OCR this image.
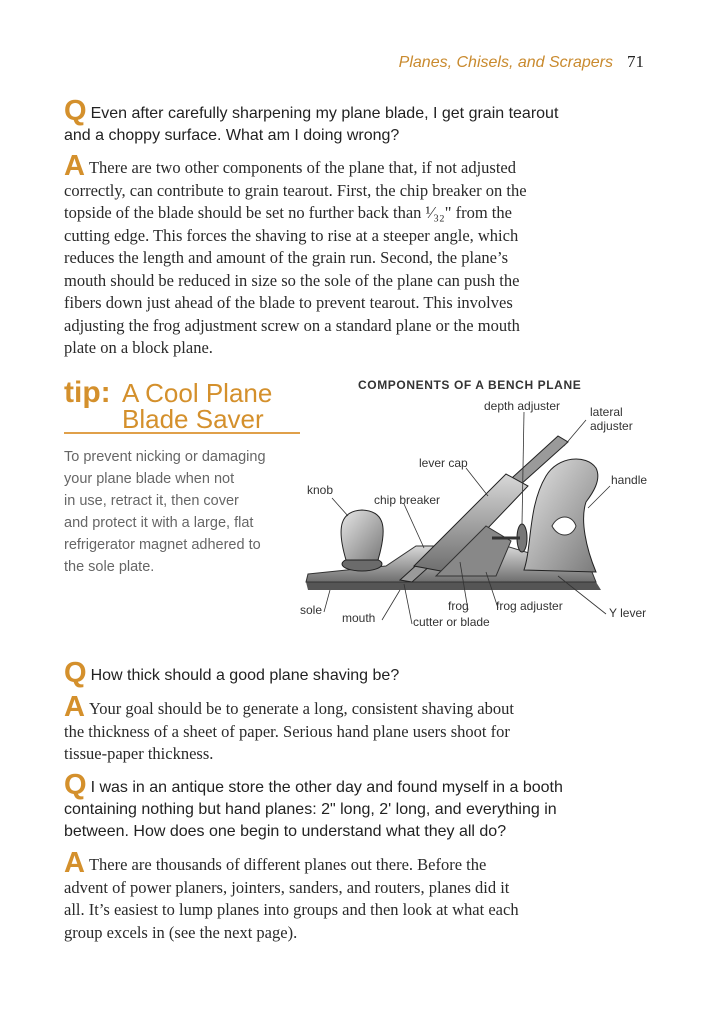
Planes, Chisels, and Scrapers 71

Q Even after carefully sharpening my plane blade, I get grain tearout
and a choppy surface. What am I doing wrong?

A There are two other components of the plane that, if not adjusted
correctly, can contribute to grain tearout. First, the chip breaker on the
topside of the blade should be set no further back than ¹⁄₃₂" from the
cutting edge. This forces the shaving to rise at a steeper angle, which
reduces the length and amount of the grain run. Second, the plane’s
mouth should be reduced in size so the sole of the plane can push the
fibers down just ahead of the blade to prevent tearout. This involves
adjusting the frog adjustment screw on a standard plane or the mouth
plate on a block plane.

tip: A Cool Plane
Blade Saver
To prevent nicking or damaging
your plane blade when not
in use, retract it, then cover
and protect it with a large, flat
refrigerator magnet adhered to
the sole plate.
COMPONENTS OF A BENCH PLANE
depth adjuster lateral
adjuster
lever cap
handle
knob
chip breaker
sole
mouth
frog frog adjuster	Y lever
cutter or blade

Q How thick should a good plane shaving be?

A Your goal should be to generate a long, consistent shaving about
the thickness of a sheet of paper. Serious hand plane users shoot for
tissue-paper thickness.

Q I was in an antique store the other day and found myself in a booth
containing nothing but hand planes: 2" long, 2' long, and everything in
between. How does one begin to understand what they all do?

A There are thousands of different planes out there. Before the
advent of power planers, jointers, sanders, and routers, planes did it
all. It’s easiest to lump planes into groups and then look at what each
group excels in (see the next page).
